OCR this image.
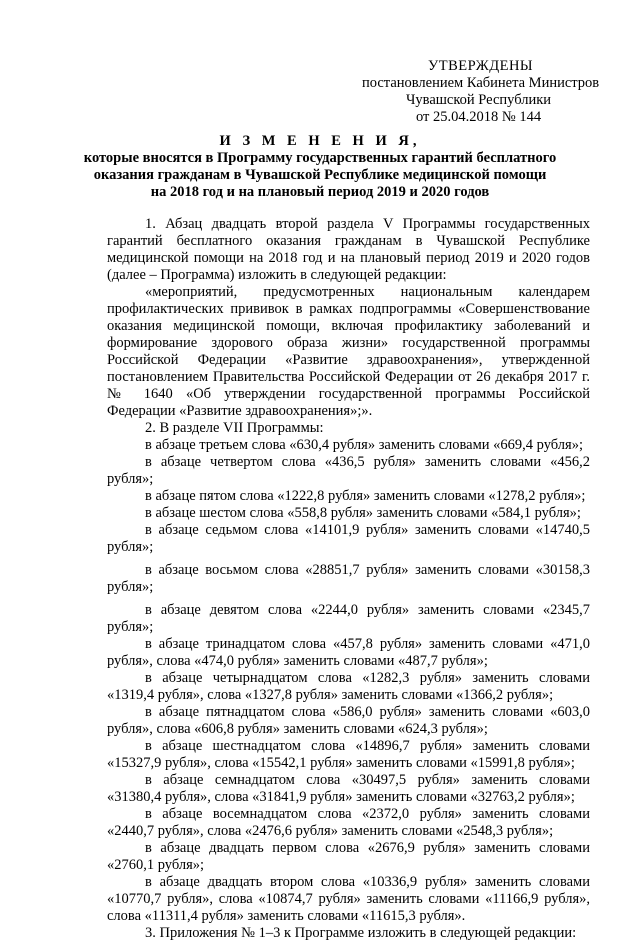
УТВЕРЖДЕНЫ
постановлением Кабинета Министров
Чувашской Республики
от 25.04.2018 № 144
И З М Е Н Е Н И Я,
которые вносятся в Программу государственных гарантий бесплатного
оказания гражданам в Чувашской Республике медицинской помощи
на 2018 год и на плановый период 2019 и 2020 годов

1. Абзац двадцать второй раздела V Программы государственных гарантий бесплатного оказания гражданам в Чувашской Республике медицинской помощи на 2018 год и на плановый период 2019 и 2020 годов (далее – Программа) изложить в следующей редакции:

«мероприятий, предусмотренных национальным календарем профилактических прививок в рамках подпрограммы «Совершенствование оказания медицинской помощи, включая профилактику заболеваний и формирование здорового образа жизни» государственной программы Российской Федерации «Развитие здравоохранения», утвержденной постановлением Правительства Российской Федерации от 26 декабря 2017 г. № 1640 «Об утверждении государственной программы Российской Федерации «Развитие здравоохранения»;».

2. В разделе VII Программы:

в абзаце третьем слова «630,4 рубля» заменить словами «669,4 рубля»;

в абзаце четвертом слова «436,5 рубля» заменить словами «456,2 рубля»;

в абзаце пятом слова «1222,8 рубля» заменить словами «1278,2 рубля»;

в абзаце шестом слова «558,8 рубля» заменить словами «584,1 рубля»;

в абзаце седьмом слова «14101,9 рубля» заменить словами «14740,5 рубля»;

в абзаце восьмом слова «28851,7 рубля» заменить словами «30158,3 рубля»;

в абзаце девятом слова «2244,0 рубля» заменить словами «2345,7 рубля»;

в абзаце тринадцатом слова «457,8 рубля» заменить словами «471,0 рубля», слова «474,0 рубля» заменить словами «487,7 рубля»;

в абзаце четырнадцатом слова «1282,3 рубля» заменить словами «1319,4 рубля», слова «1327,8 рубля» заменить словами «1366,2 рубля»;

в абзаце пятнадцатом слова «586,0 рубля» заменить словами «603,0 рубля», слова «606,8 рубля» заменить словами «624,3 рубля»;

в абзаце шестнадцатом слова «14896,7 рубля» заменить словами «15327,9 рубля», слова «15542,1 рубля» заменить словами «15991,8 рубля»;

в абзаце семнадцатом слова «30497,5 рубля» заменить словами «31380,4 рубля», слова «31841,9 рубля» заменить словами «32763,2 рубля»;

в абзаце восемнадцатом слова «2372,0 рубля» заменить словами «2440,7 рубля», слова «2476,6 рубля» заменить словами «2548,3 рубля»;

в абзаце двадцать первом слова «2676,9 рубля» заменить словами «2760,1 рубля»;

в абзаце двадцать втором слова «10336,9 рубля» заменить словами «10770,7 рубля», слова «10874,7 рубля» заменить словами «11166,9 рубля», слова «11311,4 рубля» заменить словами «11615,3 рубля».

3. Приложения № 1–3 к Программе изложить в следующей редакции:
